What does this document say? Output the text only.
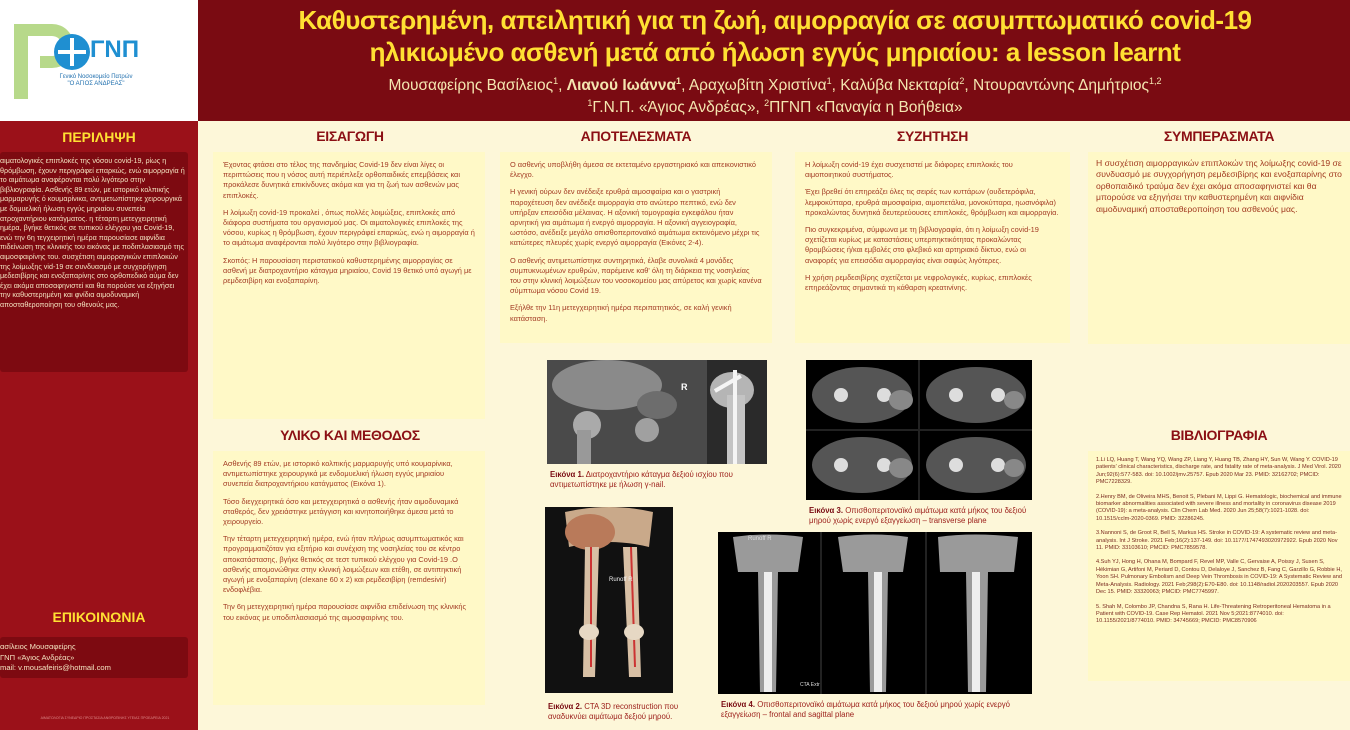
ΓΝΠ
Γενικό Νοσοκομείο Πατρών
"Ο ΑΓΙΟΣ ΑΝΔΡΕΑΣ"
Καθυστερημένη, απειλητική για τη ζωή, αιμορραγία σε ασυμπτωματικό covid-19
ηλικιωμένο ασθενή μετά από ήλωση εγγύς μηριαίου: a lesson learnt
Μουσαφείρης Βασίλειος$^1$, Λιανού Ιωάννα$^1$, Αραχωβίτη Χριστίνα$^1$, Καλύβα Νεκταρία$^2$, Ντουραντώνης Δημήτριος$^{1,2}$
$^1$Γ.Ν.Π. «Άγιος Ανδρέας», $^2$ΠΓΝΠ «Παναγία η Βοήθεια»
ΠΕΡΙΛΗΨΗ
αιματολογικές επιπλοκές της νόσου covid-19, ρίως η θρόμβωση, έχουν περιγράφεί επαρκώς, ενώ αιμορραγία ή το αιμάτωμα αναφέρονται πολύ λιγότερο στην βιβλιογραφία. Ασθενής 89 ετών, με ιστορικό κολπικής μαρμαρυγής ό κουμαρίνικα, αντιμετωπίστηκε χειρουργικά με δομυελική ήλωση εγγύς μηριαίου συνεπεία ατροχαντήριου κατάγματος. η τέταρτη μετεγχειρητική ημέρα, βγήκε θετικός σε τυπικού ελέγχου για Covid-19, ενώ την 6η τεγχειρητική ημέρα παρουσίασε αιφνίδια πιδείνωση της κλινικής του εικόνας με ποδιπλασιασμό της αιμοσφαιρίνης του. συσχέτιση αιμορραγικών επιπλοκών της λοίμωξης vid-19 σε συνδυασμό με συγχορήγηση μεδεσιβίρης και ενοξαπαρίνης στο ορθοπεδικό αύμα δεν έχει ακόμα αποσαφηνιστεί και θα πορούσε να εξηγήσει την καθυστερημένη και φνίδια αιμοδυναμική αποσταθεροποίηση του σθενούς μας.
ΕΠΙΚΟΙΝΩΝΙΑ
ασίλειος Μουσαφείρης
ΓΝΠ «Άγιος Ανδρέας»
mail: v.mousafeiris@hotmail.com
ΑΙΜΑΤΟΛΟΓΙΑ ΣΥΝΕΔΡΙΟ ΠΡΟΣΤΑΣΙΑ ΑΝΘΡΩΠΙΝΗΣ ΥΓΕΙΑΣ ΠΡΟΕΔΡΕΙΑ 2021
ΕΙΣΑΓΩΓΗ

Έχοντας φτάσει στο τέλος της πανδημίας Covid-19 δεν είναι λίγες οι περιπτώσεις που η νόσος αυτή περιέπλεξε ορθοπαιδικές επεμβάσεις και προκάλεσε δυνητικά επικίνδυνες ακόμα και για τη ζωή των ασθενών μας επιπλοκές.

Η λοίμωξη covid-19 προκαλεί , όπως πολλές λοιμώξεις, επιπλοκές από διάφορα συστήματα του οργανισμού μας. Οι αιματολογικές επιπλοκές της νόσου, κυρίως η θρόμβωση, έχουν περιγράφεί επαρκώς, ενώ η αιμορραγία ή το αιμάτωμα αναφέρονται πολύ λιγότερο στην βιβλιογραφία.

Σκοπός: Η παρουσίαση περιστατικού καθυστερημένης αιμορραγίας σε ασθενή με διατροχαντήριο κάταγμα μηριαίου, Covid 19 θετικό υπό αγωγή με ρεμδεσιβίρη και ενοξαπαρίνη.

ΥΛΙΚΟ ΚΑΙ ΜΕΘΟΔΟΣ

Ασθενής 89 ετών, με ιστορικό κολπικής μαρμαρυγής υπό κουμαρίνικα, αντιμετωπίστηκε χειρουργικά με ενδομυελική ήλωση εγγύς μηριαίου συνεπεία διατροχαντήριου κατάγματος (Εικόνα 1).

Τόσο διεγχειρητικά όσο και μετεγχειρητικά ο ασθενής ήταν αιμοδυναμικά σταθερός, δεν χρειάστηκε μετάγγιση και κινητοποιήθηκε άμεσα μετά το χειρουργείο.

Την τέταρτη μετεγχειρητική ημέρα, ενώ ήταν πλήρως ασυμπτωματικός και προγραμματιζόταν για εξιτήριο και συνέχιση της νοσηλείας του σε κέντρο αποκατάστασης, βγήκε θετικός σε τεστ τυπικού ελέγχου για Covid-19 .Ο ασθενής απομονώθηκε στην κλινική λοιμώξεων και ετέθη, σε αντιπηκτική αγωγή με ενοξαπαρίνη (clexane 60 x 2) και ρεμδεσιβίρη (remdesivir) ενδοφλέβια.

Την 6η μετεγχειρητική ημέρα παρουσίασε αιφνίδια επιδείνωση της κλινικής του εικόνας με υποδιπλασιασμό της αιμοσφαιρίνης του.

ΑΠΟΤΕΛΕΣΜΑΤΑ

Ο ασθενής υποβλήθη άμεσα σε εκτεταμένο εργαστηριακό και απεικονιστικό έλεγχο.

Η γενική ούρων δεν ανέδειξε ερυθρά αιμοσφαίρια και ο γαστρική παροχέτευση δεν ανέδειξε αιμορραγία στο ανώτερο πεπτικό, ενώ δεν υπήρξαν επεισόδια μέλαινας. Η αξονική τομογραφία εγκεφάλου ήταν αρνητική για αιμάτωμα ή ενεργό αιμορραγία. Η αξονική αγγειογραφία, ωστόσο, ανέδειξε μεγάλο οπισθοπεριτοναϊκό αιμάτωμα εκτεινόμενο μέχρι τις κατώτερες πλευρές χωρίς ενεργό αιμορραγία (Εικόνες 2-4).

Ο ασθενής αντιμετωπίστηκε συντηρητικά, έλαβε συνολικά 4 μονάδες συμπυκνωμένων ερυθρών, παρέμεινε καθ' όλη τη διάρκεια της νοσηλείας του στην κλινική λοιμώξεων του νοσοκομείου μας απύρετος και χωρίς κανένα σύμπτωμα νόσου Covid 19.

Εξήλθε την 11η μετεγχειρητική ημέρα περιπατητικός, σε καλή γενική κατάσταση.

R
Εικόνα 1. Διατροχαντήριο κάταγμα δεξιού ισχίου που αντιμετωπίστηκε με ήλωση γ-nail.
Runoff R
Εικόνα 2. CTA 3D reconstruction που αναδυκνύει αιμάτωμα δεξιού μηρού.
ΣΥΖΗΤΗΣΗ

Η λοίμωξη covid-19 έχει συσχετιστεί με διάφορες επιπλοκές του αιμοποιητικού συστήματος.

Έχει βρεθεί ότι επηρεάζει όλες τις σειρές των κυττάρων (ουδετερόφιλα, λεμφοκύτταρα, ερυθρά αιμοσφαίρια, αιμοπετάλια, μονοκύτταρα, ηωσινόφιλα) προκαλώντας δυνητικά δευτερεύουσες επιπλοκές, θρόμβωση και αιμορραγία.

Πιο συγκεκριμένα, σύμφωνα με τη βιβλιογραφία, ότι η λοίμωξη covid-19 σχετίζεται κυρίως με καταστάσεις υπερπηκτικότητας προκαλώντας θρομβώσεις ή/και εμβολές στο φλεβικό και αρτηριακό δίκτυο, ενώ οι αναφορές για επεισόδια αιμορραγίας είναι σαφώς λιγότερες.

Η χρήση ρεμδεσιβίρης σχετίζεται με νεφρολογικές, κυρίως, επιπλοκές επηρεάζοντας σημαντικά τη κάθαρση κρεατινίνης.

Εικόνα 3. Οπισθοπεριτοναϊκό αιμάτωμα κατά μήκος του δεξιού μηρού χωρίς ενεργό εξαγγείωση – transverse plane
Runoff R
CTA Extr
Εικόνα 4. Οπισθοπεριτοναϊκό αιμάτωμα κατά μήκος του δεξιού μηρού χωρίς ενεργό εξαγγείωση – frontal and sagittal plane
ΣΥΜΠΕΡΑΣΜΑΤΑ

Η συσχέτιση αιμορραγικών επιπλοκών της λοίμωξης covid-19 σε συνδυασμό με συγχορήγηση ρεμδεσιβίρης και ενοξαπαρίνης στο ορθοπαιδικό τραύμα δεν έχει ακόμα αποσαφηνιστεί και θα μπορούσε να εξηγήσει την καθυστερημένη και αιφνίδια αιμοδυναμική αποσταθεροποίηση του ασθενούς μας.

ΒΙΒΛΙΟΓΡΑΦΙΑ

1.Li LQ, Huang T, Wang YQ, Wang ZP, Liang Y, Huang TB, Zhang HY, Sun W, Wang Y. COVID-19 patients' clinical characteristics, discharge rate, and fatality rate of meta-analysis. J Med Virol. 2020 Jun;92(6):577-583. doi: 10.1002/jmv.25757. Epub 2020 Mar 23. PMID: 32162702; PMCID: PMC7228329.

2.Henry BM, de Oliveira MHS, Benoit S, Plebani M, Lippi G. Hematologic, biochemical and immune biomarker abnormalities associated with severe illness and mortality in coronavirus disease 2019 (COVID-19): a meta-analysis. Clin Chem Lab Med. 2020 Jun 25;58(7):1021-1028. doi: 10.1515/cclm-2020-0369. PMID: 32286245.

3.Nannoni S, de Groot R, Bell S, Markus HS. Stroke in COVID-19: A systematic review and meta-analysis. Int J Stroke. 2021 Feb;16(2):137-149. doi: 10.1177/1747493020972922. Epub 2020 Nov 11. PMID: 33103610; PMCID: PMC7859578.

4.Suh YJ, Hong H, Ohana M, Bompard F, Revel MP, Valle C, Gervaise A, Poissy J, Susen S, Hékimian G, Artifoni M, Periard D, Contou D, Delaloye J, Sanchez B, Fang C, Garzillo G, Robbie H, Yoon SH. Pulmonary Embolism and Deep Vein Thrombosis in COVID-19: A Systematic Review and Meta-Analysis. Radiology. 2021 Feb;298(2):E70-E80. doi: 10.1148/radiol.2020203557. Epub 2020 Dec 15. PMID: 33320063; PMCID: PMC7745997.

5. Shah M, Colombo JP, Chandna S, Rana H. Life-Threatening Retroperitoneal Hematoma in a Patient with COVID-19. Case Rep Hematol. 2021 Nov 5;2021:8774010. doi: 10.1155/2021/8774010. PMID: 34745669; PMCID: PMC8570906
